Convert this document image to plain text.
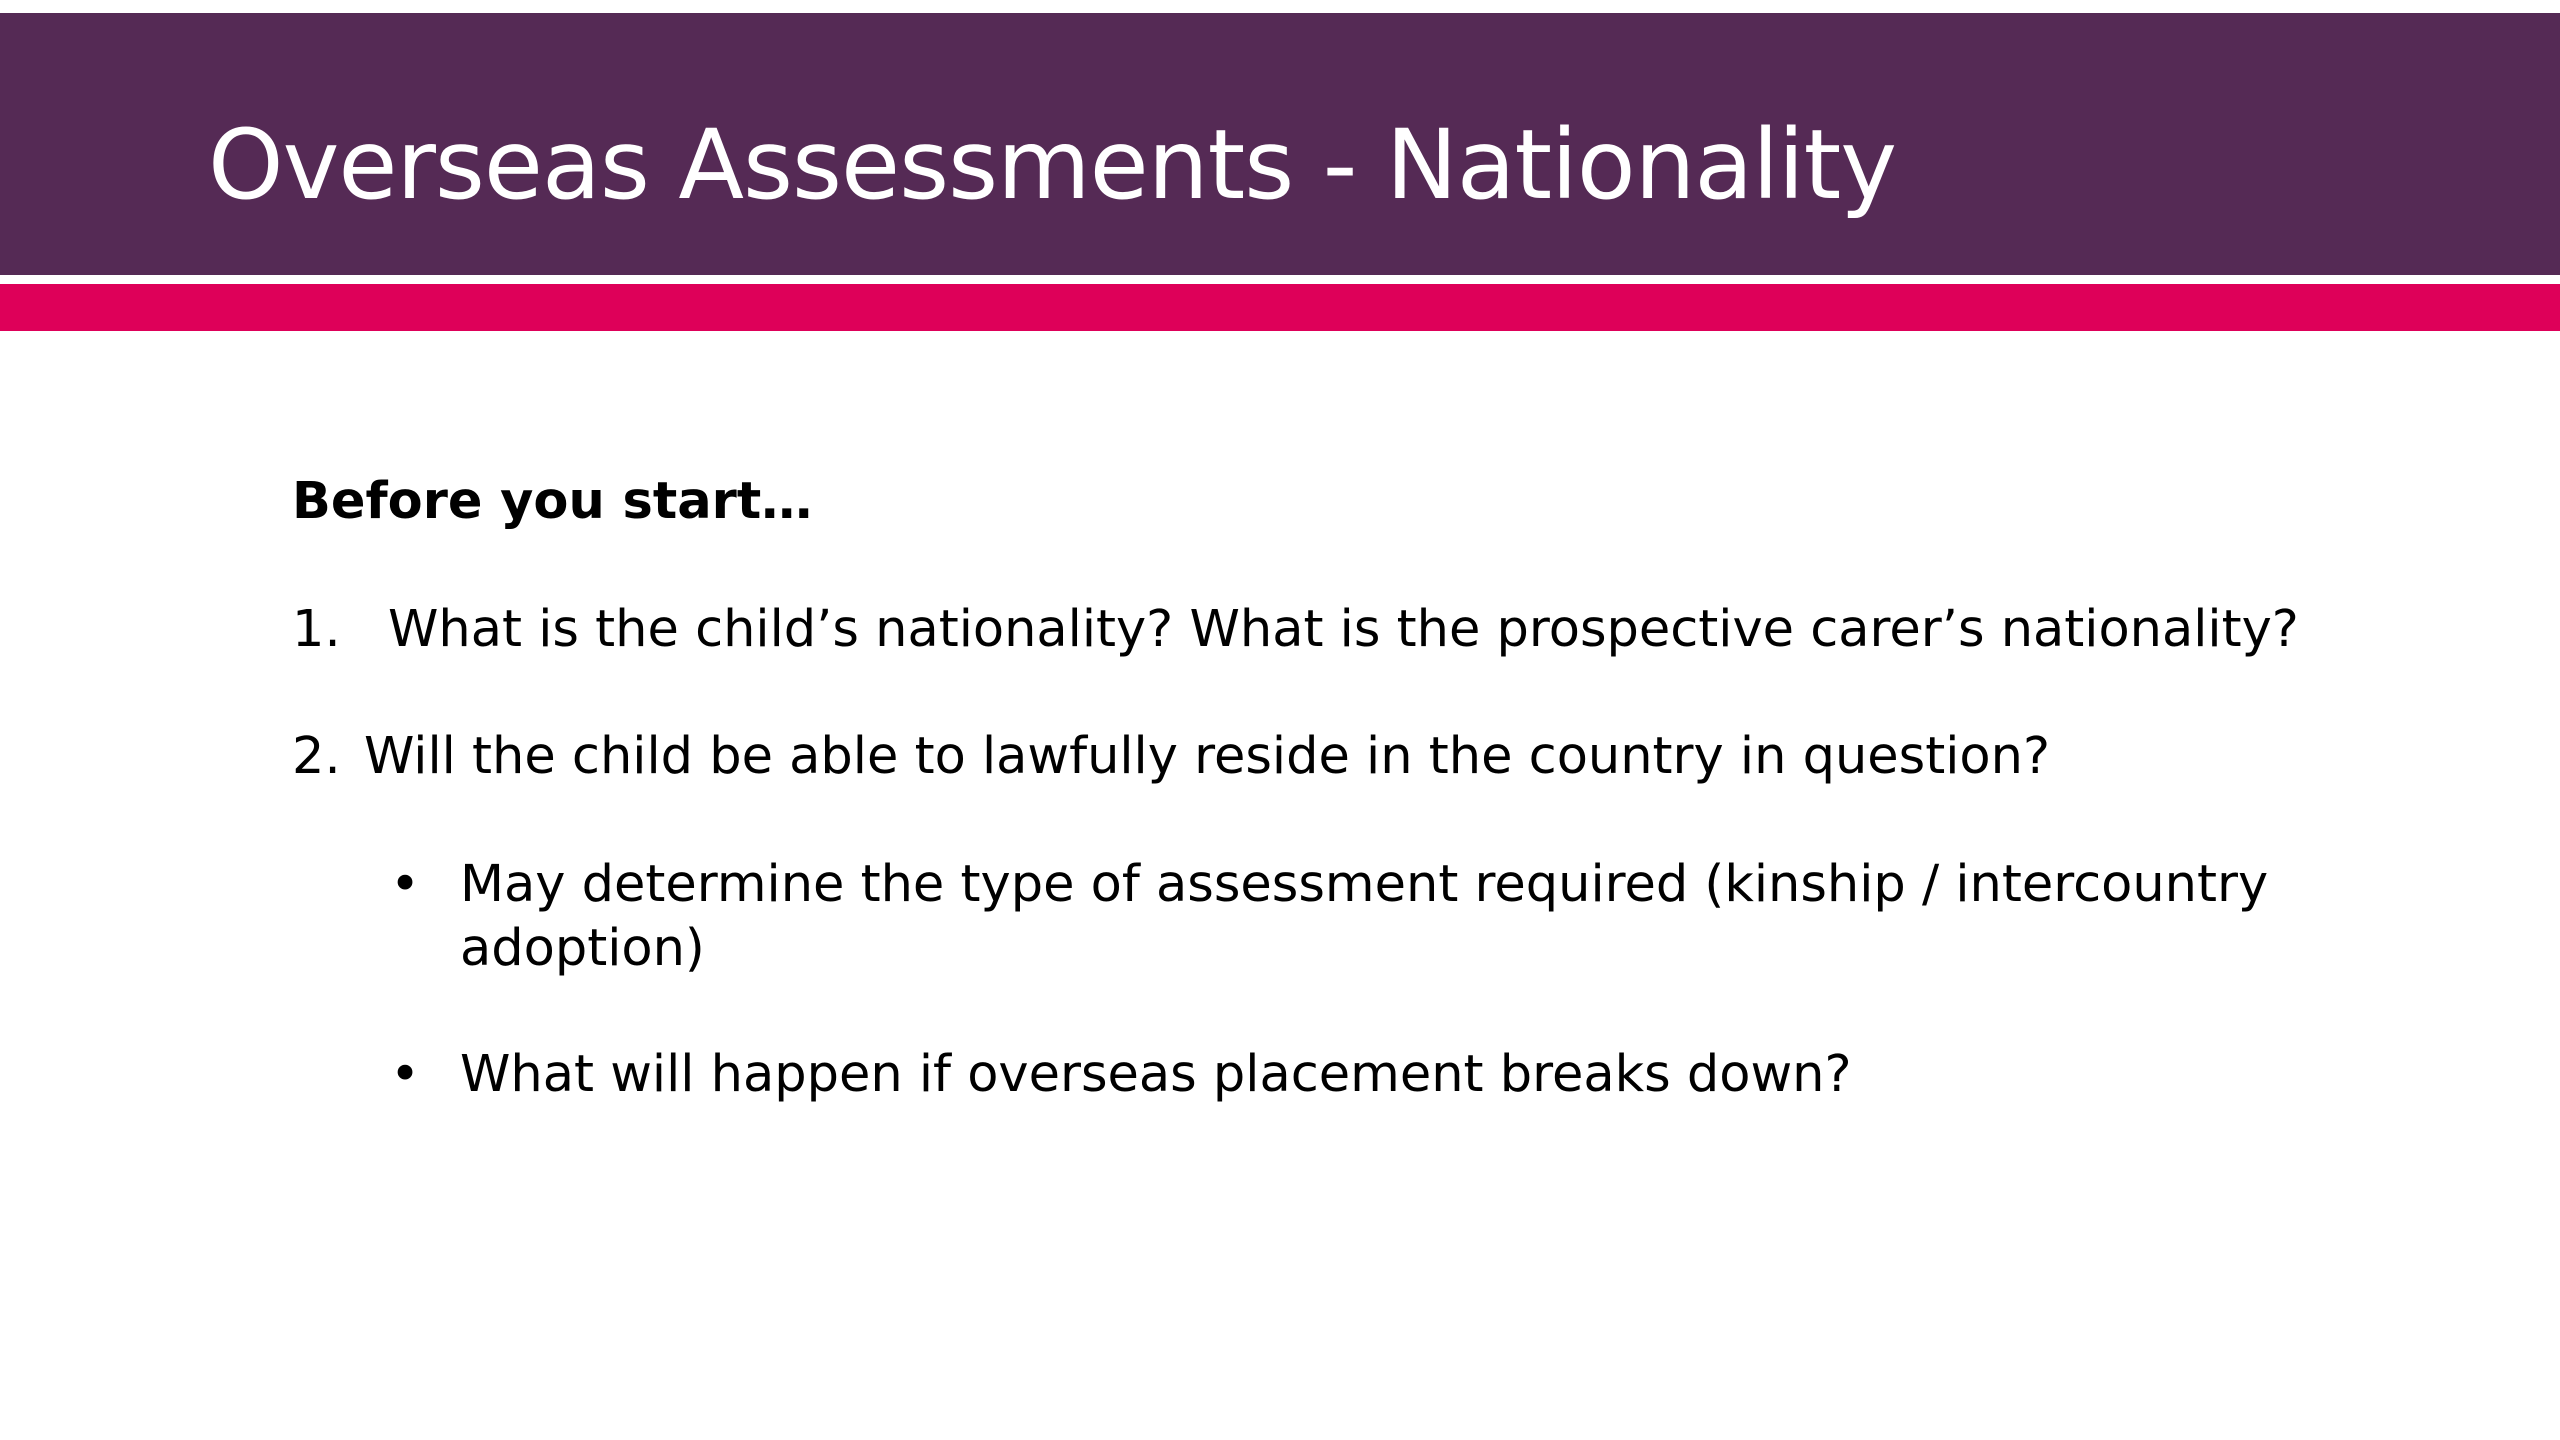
Overseas Assessments - Nationality
Before you start…
1. What is the child’s nationality? What is the prospective carer’s nationality?
2. Will the child be able to lawfully reside in the country in question?
• May determine the type of assessment required (kinship / intercountry adoption)
• What will happen if overseas placement breaks down?
